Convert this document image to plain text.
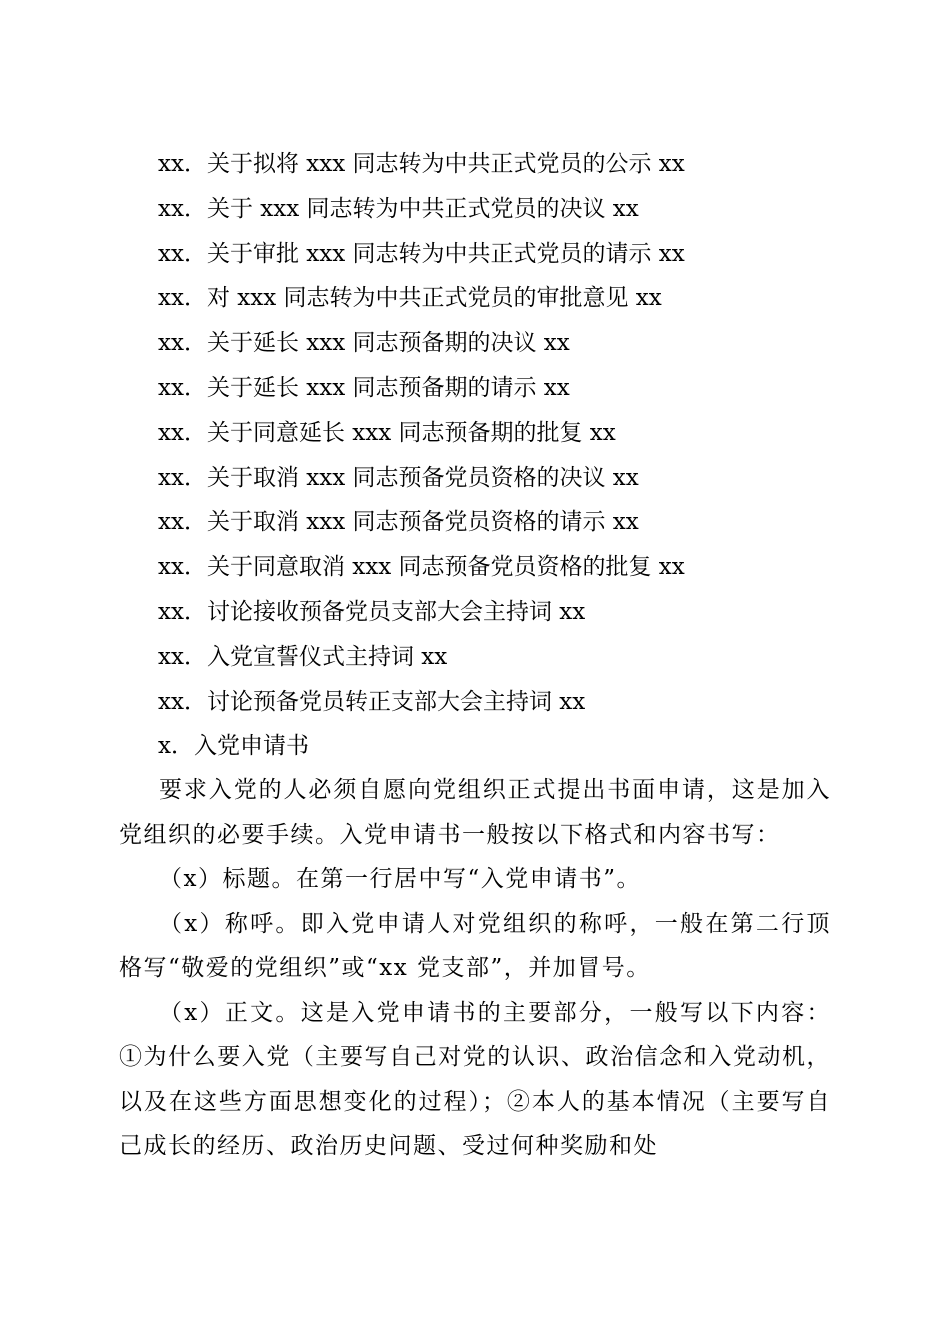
xx．关于拟将 xxx 同志转为中共正式党员的公示 xx
xx．关于 xxx 同志转为中共正式党员的决议 xx
xx．关于审批 xxx 同志转为中共正式党员的请示 xx
xx．对 xxx 同志转为中共正式党员的审批意见 xx
xx．关于延长 xxx 同志预备期的决议 xx
xx．关于延长 xxx 同志预备期的请示 xx
xx．关于同意延长 xxx 同志预备期的批复 xx
xx．关于取消 xxx 同志预备党员资格的决议 xx
xx．关于取消 xxx 同志预备党员资格的请示 xx
xx．关于同意取消 xxx 同志预备党员资格的批复 xx
xx．讨论接收预备党员支部大会主持词 xx
xx．入党宣誓仪式主持词 xx
xx．讨论预备党员转正支部大会主持词 xx
x．入党申请书

要求入党的人必须自愿向党组织正式提出书面申请，这是加入党组织的必要手续。入党申请书一般按以下格式和内容书写：

（x）标题。在第一行居中写“入党申请书”。

（x）称呼。即入党申请人对党组织的称呼，一般在第二行顶格写“敬爱的党组织”或“xx 党支部”，并加冒号。

（x）正文。这是入党申请书的主要部分，一般写以下内容：①为什么要入党（主要写自己对党的认识、政治信念和入党动机，以及在这些方面思想变化的过程）；②本人的基本情况（主要写自己成长的经历、政治历史问题、受过何种奖励和处
